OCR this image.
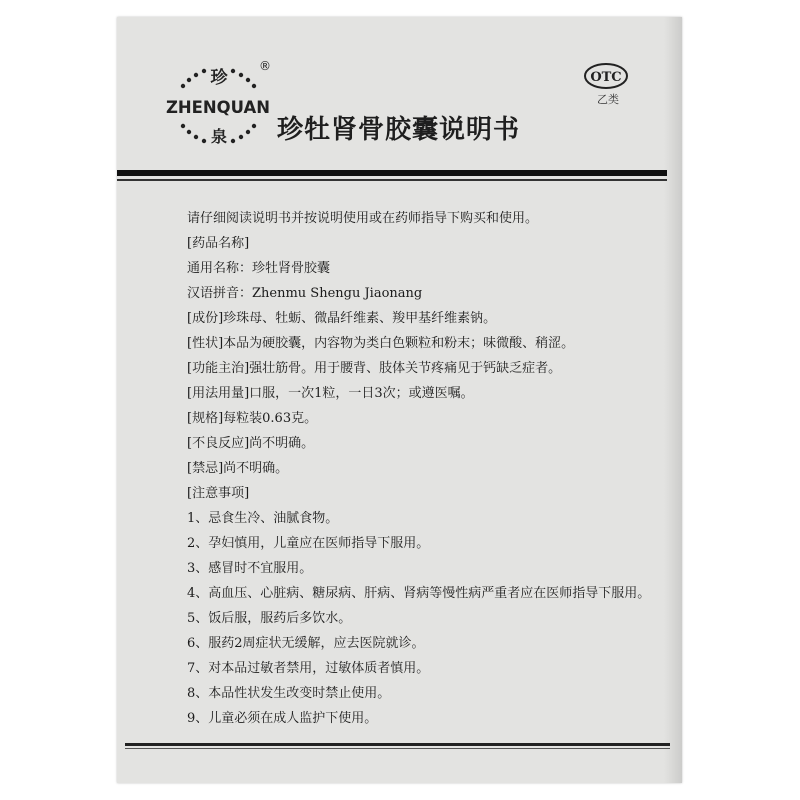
珍
ZHENQUAN
泉
®
珍牡肾骨胶囊说明书
OTC
乙类
请仔细阅读说明书并按说明使用或在药师指导下购买和使用。
[药品名称]
通用名称：珍牡肾骨胶囊
汉语拼音：Zhenmu Shengu Jiaonang
[成份]珍珠母、牡蛎、微晶纤维素、羧甲基纤维素钠。
[性状]本品为硬胶囊，内容物为类白色颗粒和粉末；味微酸、稍涩。
[功能主治]强壮筋骨。用于腰背、肢体关节疼痛见于钙缺乏症者。
[用法用量]口服，一次1粒，一日3次；或遵医嘱。
[规格]每粒装0.63克。
[不良反应]尚不明确。
[禁忌]尚不明确。
[注意事项]
1、忌食生冷、油腻食物。
2、孕妇慎用，儿童应在医师指导下服用。
3、感冒时不宜服用。
4、高血压、心脏病、糖尿病、肝病、肾病等慢性病严重者应在医师指导下服用。
5、饭后服，服药后多饮水。
6、服药2周症状无缓解，应去医院就诊。
7、对本品过敏者禁用，过敏体质者慎用。
8、本品性状发生改变时禁止使用。
9、儿童必须在成人监护下使用。
